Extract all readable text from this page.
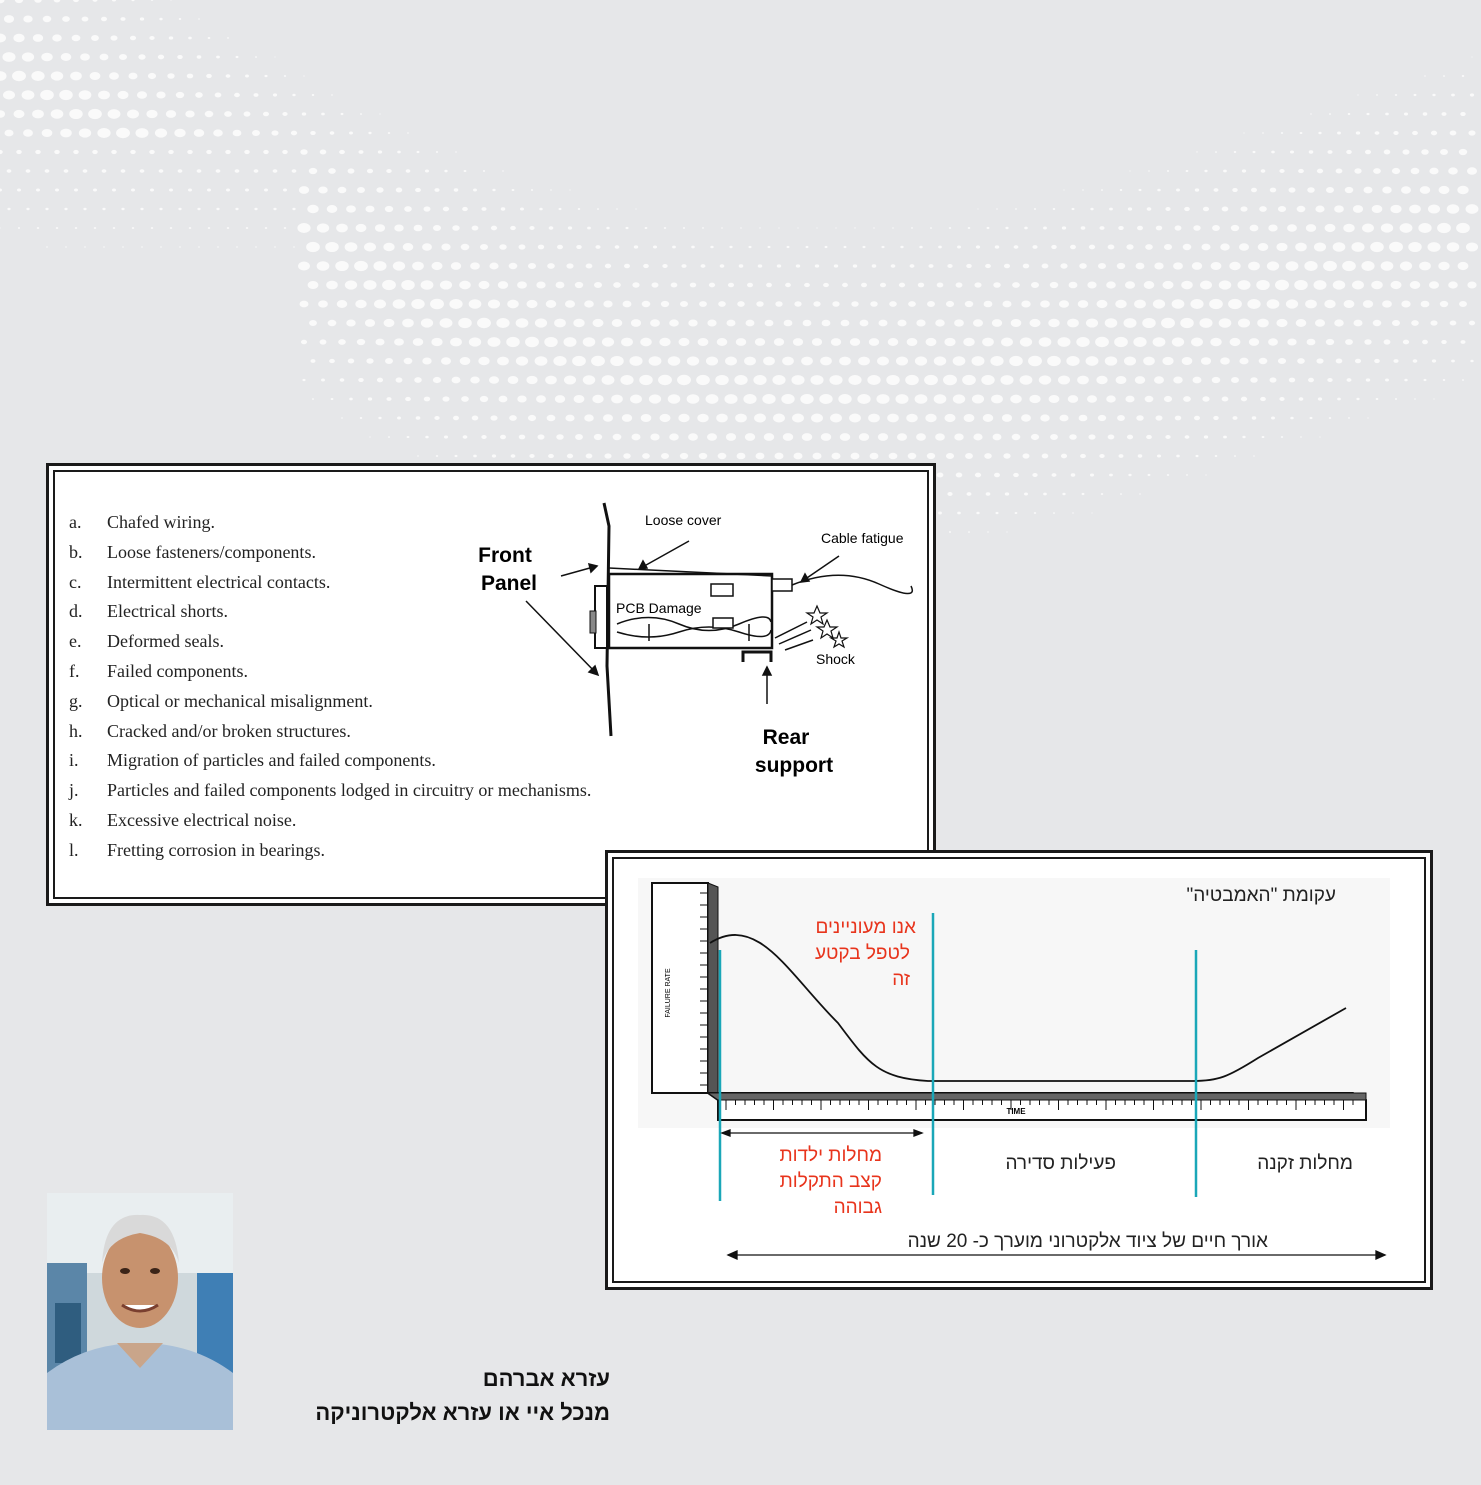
a. Chafed wiring.
b. Loose fasteners/components.
c. Intermittent electrical contacts.
d. Electrical shorts.
e. Deformed seals.
f. Failed components.
g. Optical or mechanical misalignment.
h. Cracked and/or broken structures.
i. Migration of particles and failed components.
j. Particles and failed components lodged in circuitry or mechanisms.
k. Excessive electrical noise.
l. Fretting corrosion in bearings.
Front
Panel
Loose cover
Cable fatigue
PCB Damage
Shock
Rear
support
FAILURE RATE
TIME
עקומת "האמבטיה"
אנו מעוניינים
לטפל בקטע
זה
מחלות ילדות
קצב התקלות
גבוהה
פעילות סדירה	מחלות זקנה
אורך חיים של ציוד אלקטרוני מוערך כ- 20 שנה
עזרא אברהם
מנכל איי או עזרא אלקטרוניקה
